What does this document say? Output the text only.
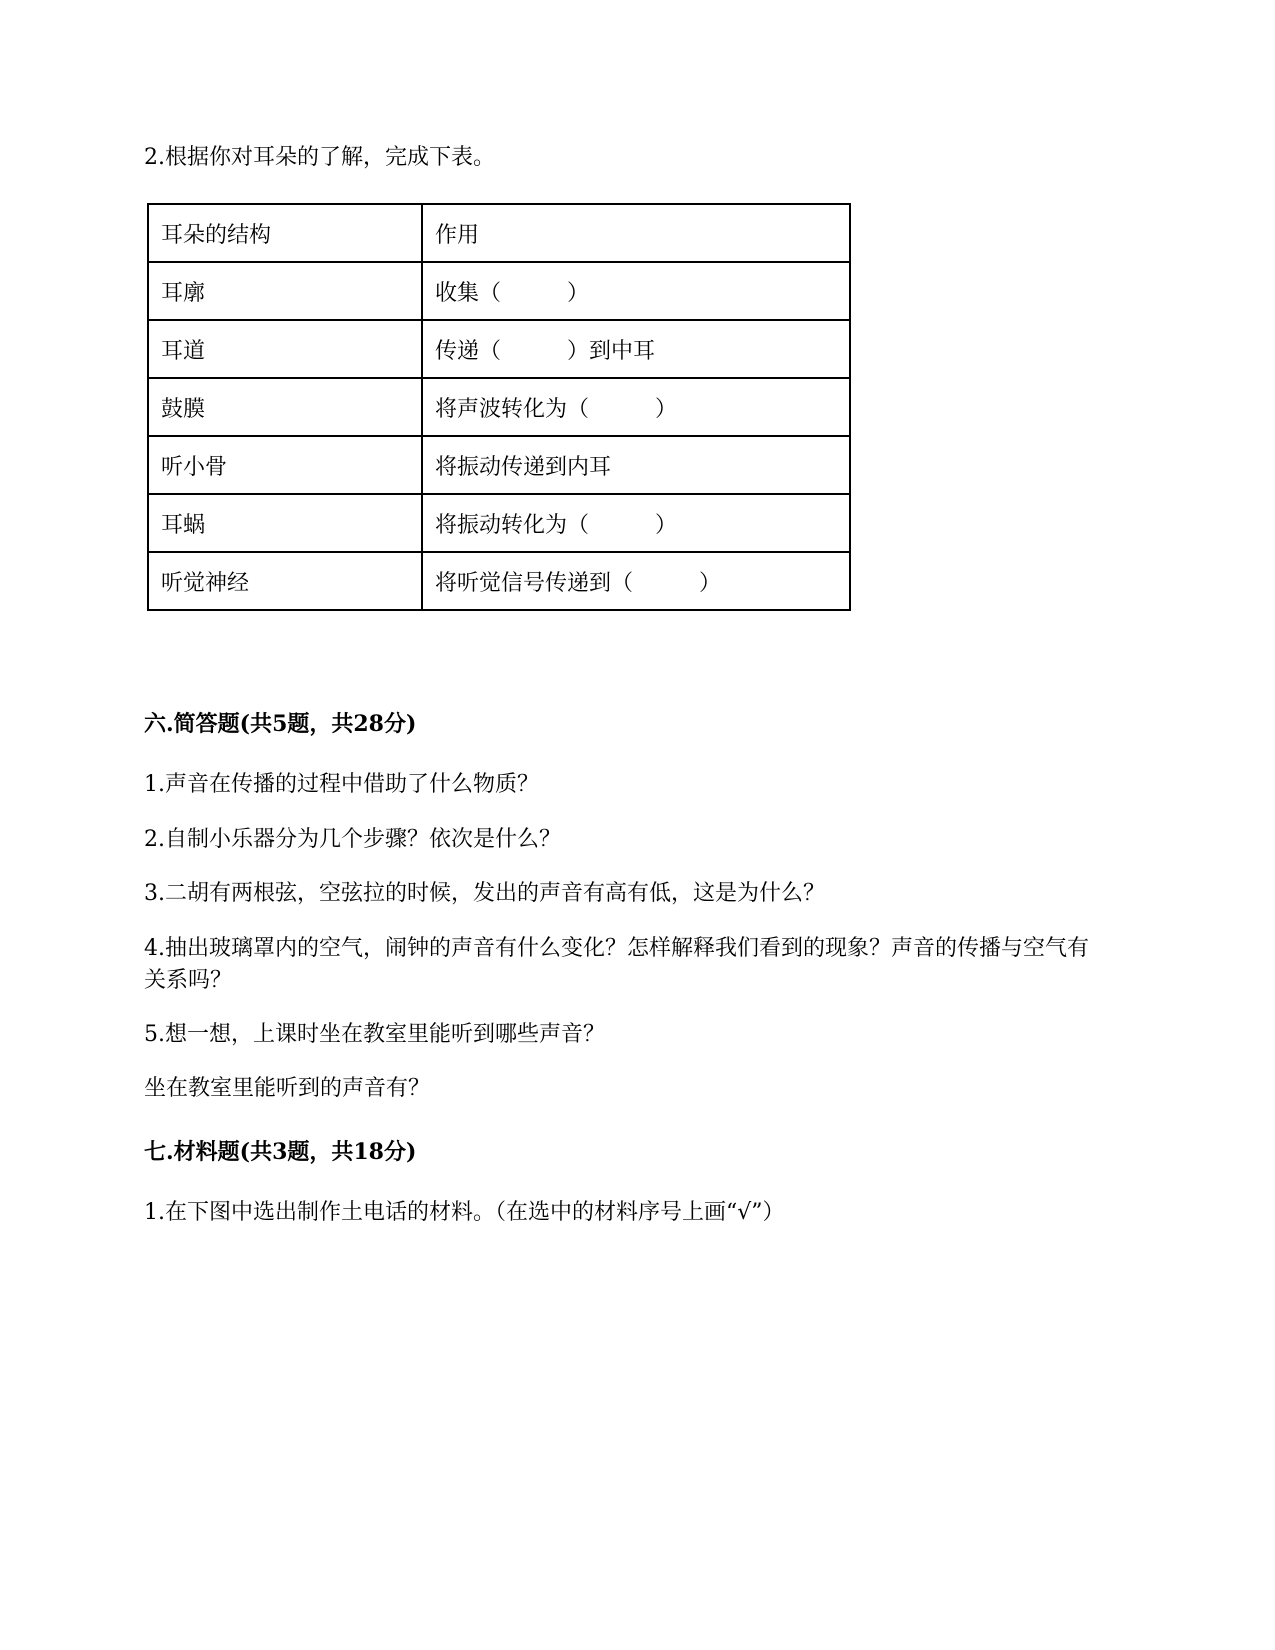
2.根据你对耳朵的了解，完成下表。
耳朵的结构	作用
耳廓	收集（　　　）
耳道	传递（　　　）到中耳
鼓膜	将声波转化为（　　　）
听小骨	将振动传递到内耳
耳蜗	将振动转化为（　　　）
听觉神经	将听觉信号传递到（　　　）
六.简答题(共5题，共28分)
1.声音在传播的过程中借助了什么物质？
2.自制小乐器分为几个步骤？依次是什么？
3.二胡有两根弦，空弦拉的时候，发出的声音有高有低，这是为什么？
4.抽出玻璃罩内的空气，闹钟的声音有什么变化？怎样解释我们看到的现象？声音的传播与空气有关系吗？
5.想一想，上课时坐在教室里能听到哪些声音？
坐在教室里能听到的声音有？
七.材料题(共3题，共18分)
1.在下图中选出制作土电话的材料。（在选中的材料序号上画“√”）
